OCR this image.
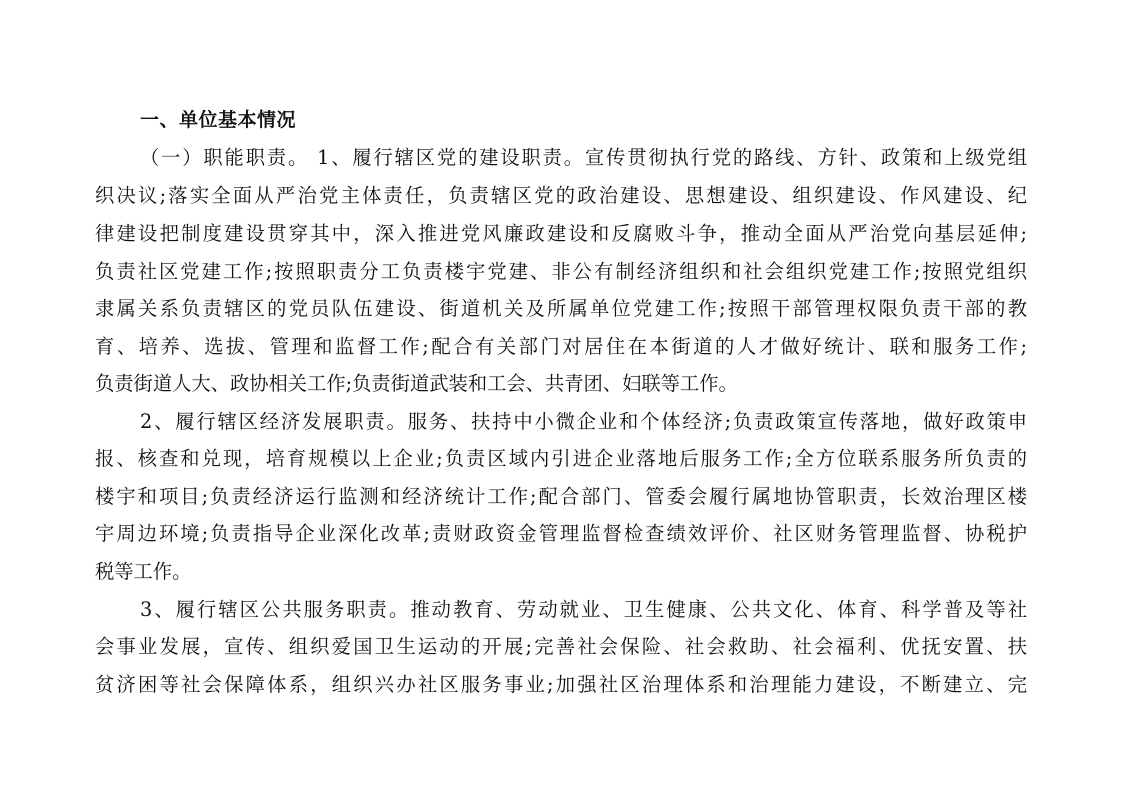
一、单位基本情况
（一）职能职责。 1、履行辖区党的建设职责。宣传贯彻执行党的路线、方针、政策和上级党组
织决议;落实全面从严治党主体责任，负责辖区党的政治建设、思想建设、组织建设、作风建设、纪
律建设把制度建设贯穿其中，深入推进党风廉政建设和反腐败斗争，推动全面从严治党向基层延伸;
负责社区党建工作;按照职责分工负责楼宇党建、非公有制经济组织和社会组织党建工作;按照党组织
隶属关系负责辖区的党员队伍建设、街道机关及所属单位党建工作;按照干部管理权限负责干部的教
育、培养、选拔、管理和监督工作;配合有关部门对居住在本街道的人才做好统计、联和服务工作;
负责街道人大、政协相关工作;负责街道武装和工会、共青团、妇联等工作。
2、履行辖区经济发展职责。服务、扶持中小微企业和个体经济;负责政策宣传落地，做好政策申
报、核查和兑现，培育规模以上企业;负责区域内引进企业落地后服务工作;全方位联系服务所负责的
楼宇和项目;负责经济运行监测和经济统计工作;配合部门、管委会履行属地协管职责，长效治理区楼
宇周边环境;负责指导企业深化改革;责财政资金管理监督检查绩效评价、社区财务管理监督、协税护
税等工作。
3、履行辖区公共服务职责。推动教育、劳动就业、卫生健康、公共文化、体育、科学普及等社
会事业发展，宣传、组织爱国卫生运动的开展;完善社会保险、社会救助、社会福利、优抚安置、扶
贫济困等社会保障体系，组织兴办社区服务事业;加强社区治理体系和治理能力建设，不断建立、完
